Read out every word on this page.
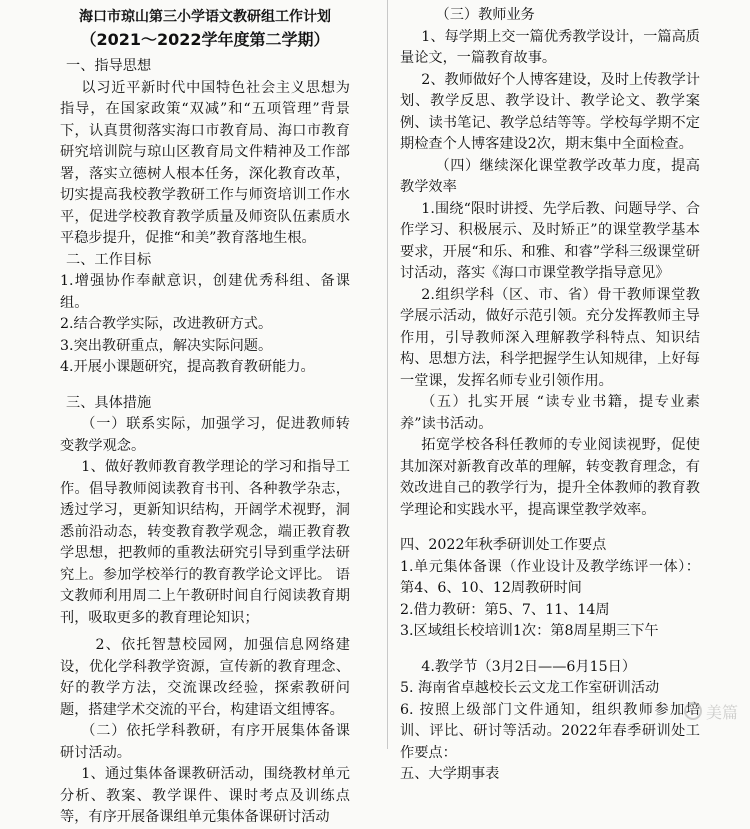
海口市琼山第三小学语文教研组工作计划
（2021～2022学年度第二学期）

一、指导思想

以习近平新时代中国特色社会主义思想为指导，在国家政策“双减”和“五项管理”背景下，认真贯彻落实海口市教育局、海口市教育研究培训院与琼山区教育局文件精神及工作部署，落实立德树人根本任务，深化教育改革，切实提高我校教学教研工作与师资培训工作水平，促进学校教育教学质量及师资队伍素质水平稳步提升，促推“和美”教育落地生根。

二、工作目标

1.增强协作奉献意识，创建优秀科组、备课组。

2.结合教学实际，改进教研方式。

3.突出教研重点，解决实际问题。

4.开展小课题研究，提高教育教研能力。

三、具体措施

（一）联系实际，加强学习，促进教师转变教学观念。

1、做好教师教育教学理论的学习和指导工作。倡导教师阅读教育书刊、各种教学杂志，透过学习，更新知识结构，开阔学术视野，洞悉前沿动态，转变教育教学观念，端正教育教学思想，把教师的重教法研究引导到重学法研究上。参加学校举行的教育教学论文评比。 语文教师利用周二上午教研时间自行阅读教育期刊，吸取更多的教育理论知识；

2、依托智慧校园网，加强信息网络建设，优化学科教学资源，宣传新的教育理念、好的教学方法，交流课改经验，探索教研问题，搭建学术交流的平台，构建语文组博客。

（二）依托学科教研，有序开展集体备课研讨活动。

1、通过集体备课教研活动，围绕教材单元分析、教案、教学课件、课时考点及训练点等，有序开展备课组单元集体备课研讨活动

（三）教师业务

1、每学期上交一篇优秀教学设计，一篇高质量论文，一篇教育故事。

2、教师做好个人博客建设，及时上传教学计划、教学反思、教学设计、教学论文、教学案例、读书笔记、教学总结等等。学校每学期不定期检查个人博客建设2次，期末集中全面检查。

（四）继续深化课堂教学改革力度，提高教学效率

1.围绕“限时讲授、先学后教、问题导学、合作学习、积极展示、及时矫正”的课堂教学基本要求，开展“和乐、和雅、和睿”学科三级课堂研讨活动，落实《海口市课堂教学指导意见》

2.组织学科（区、市、省）骨干教师课堂教学展示活动，做好示范引领。充分发挥教师主导作用，引导教师深入理解教学科特点、知识结构、思想方法，科学把握学生认知规律，上好每一堂课，发挥名师专业引领作用。

（五）扎实开展 “读专业书籍，提专业素养”读书活动。

拓宽学校各科任教师的专业阅读视野，促使其加深对新教育改革的理解，转变教育理念，有效改进自己的教学行为，提升全体教师的教育教学理论和实践水平，提高课堂教学效率。

四、2022年秋季研训处工作要点

1.单元集体备课（作业设计及教学练评一体）：第4、6、10、12周教研时间

2.借力教研：第5、7、11、14周

3.区域组长校培训1次：第8周星期三下午

4.教学节（3月2日——6月15日）

5. 海南省卓越校长云文龙工作室研训活动

6. 按照上级部门文件通知，组织教师参加培训、评比、研讨等活动。2022年春季研训处工作要点：

五、大学期事表

美篇
